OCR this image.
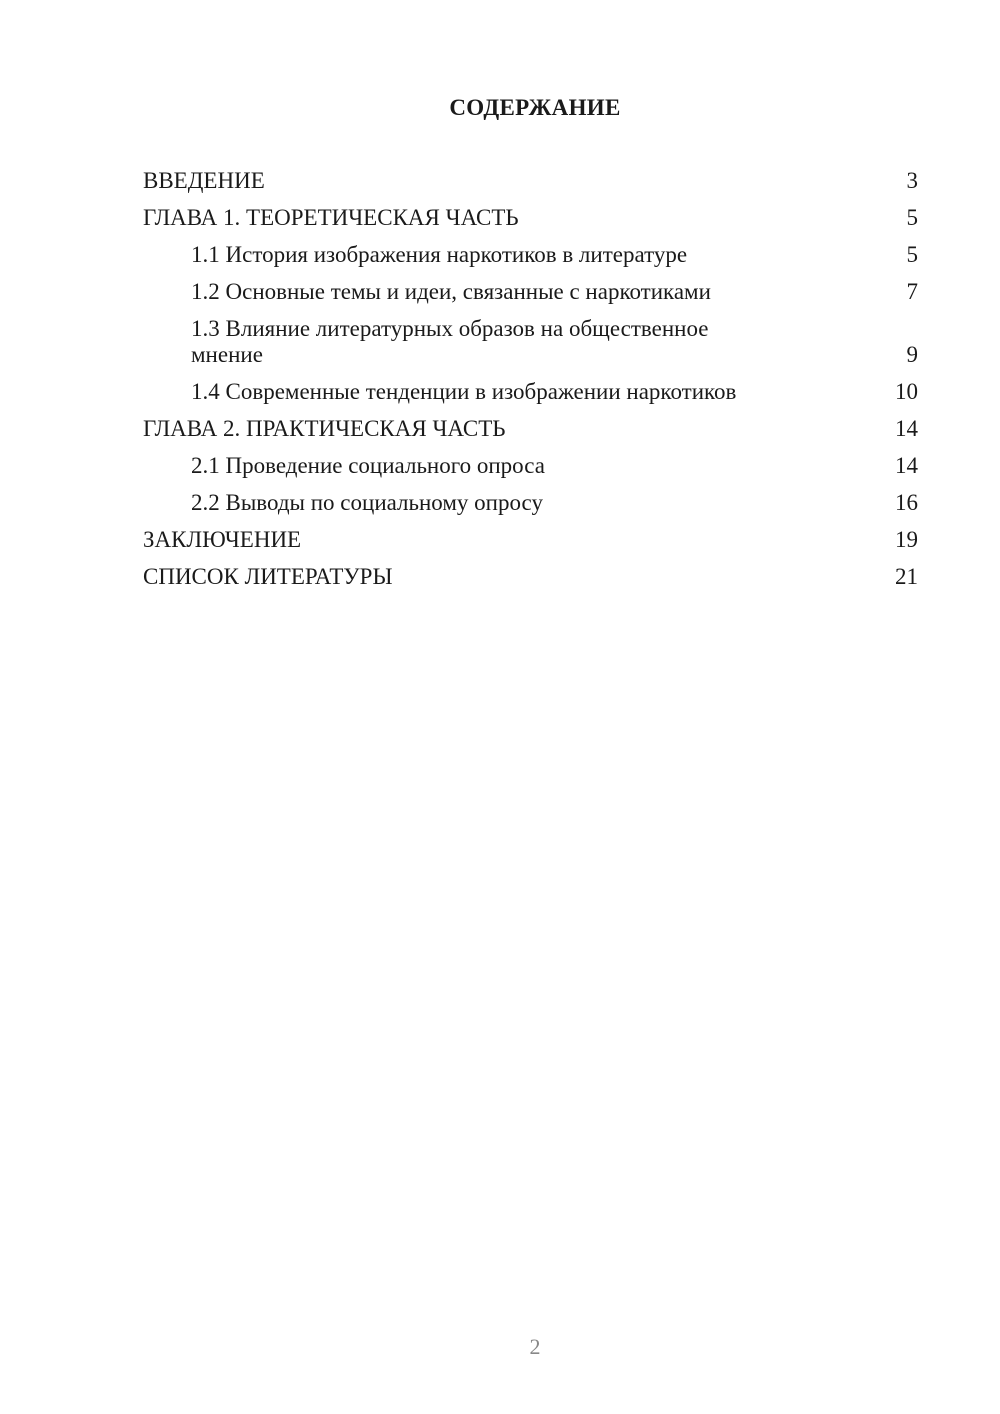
СОДЕРЖАНИЕ
ВВЕДЕНИЕ	3
ГЛАВА 1. ТЕОРЕТИЧЕСКАЯ ЧАСТЬ	5
1.1 История изображения наркотиков в литературе	5
1.2 Основные темы и идеи, связанные с наркотиками	7
1.3 Влияние литературных образов на общественное мнение	9
1.4 Современные тенденции в изображении наркотиков	10
ГЛАВА 2. ПРАКТИЧЕСКАЯ ЧАСТЬ	14
2.1 Проведение социального опроса	14
2.2 Выводы по социальному опросу	16
ЗАКЛЮЧЕНИЕ	19
СПИСОК ЛИТЕРАТУРЫ	21
2
